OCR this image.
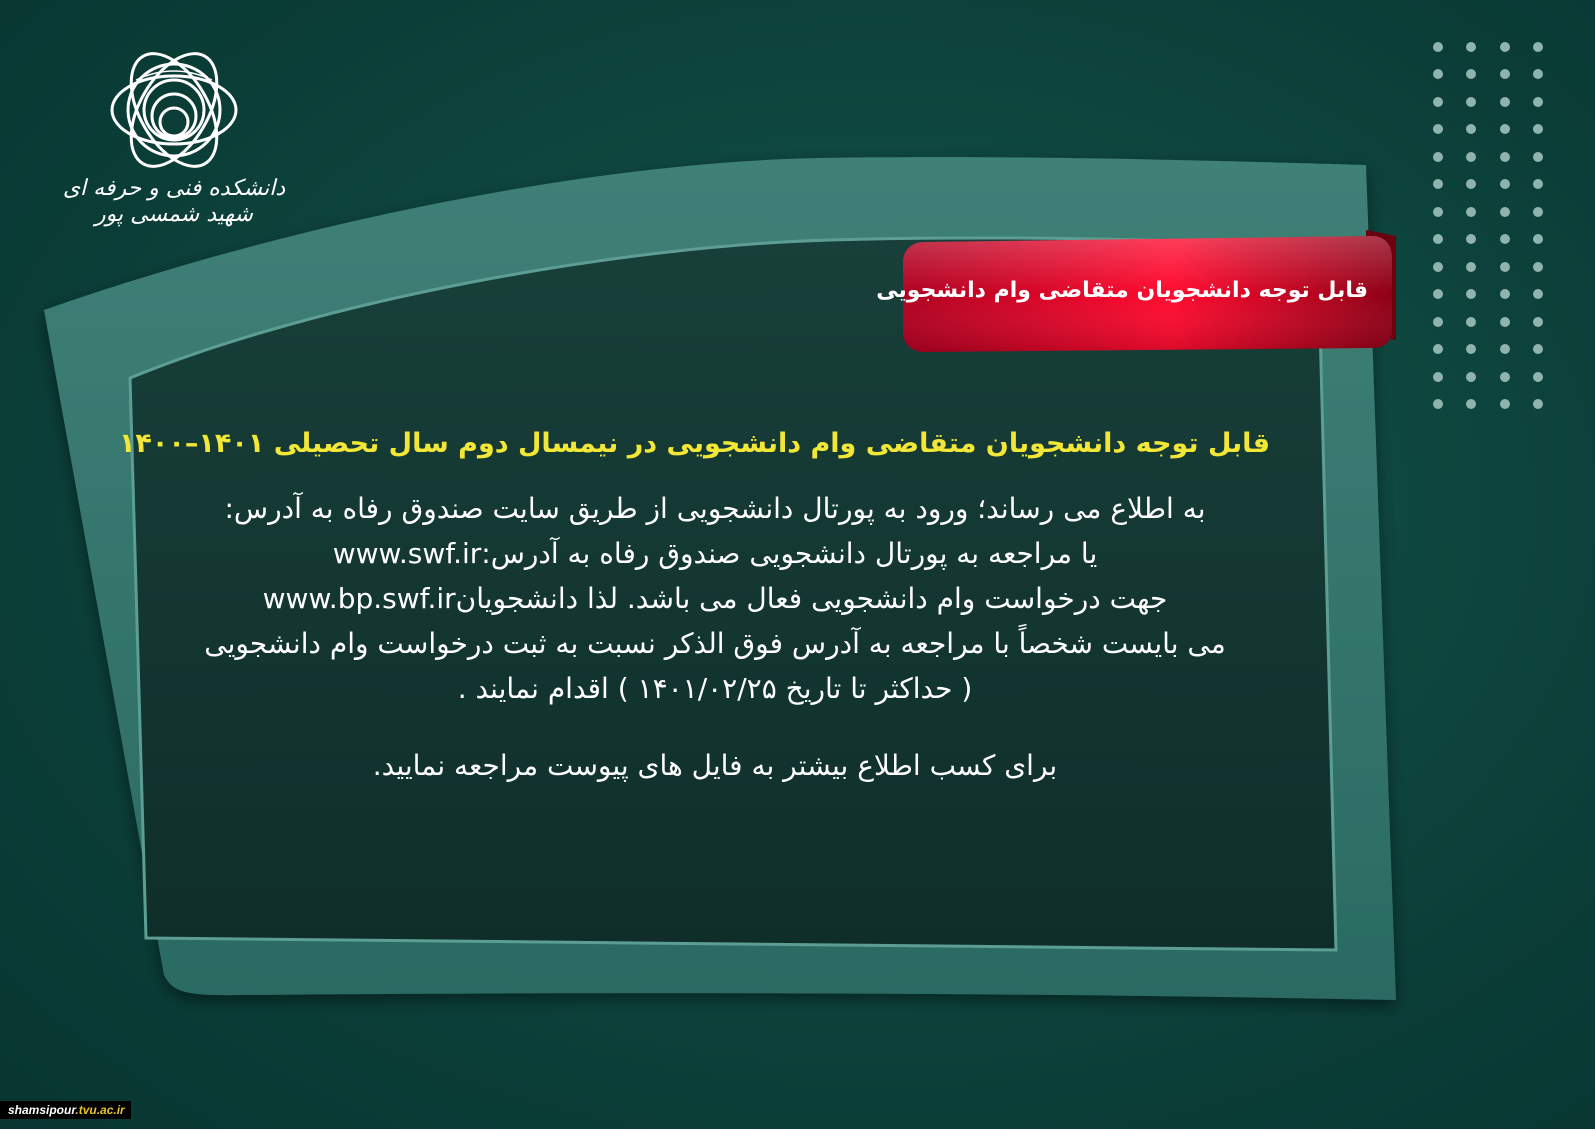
دانشکده فنی و حرفه ای شهید شمسی پور
قابل توجه دانشجویان متقاضی وام دانشجویی
قابل توجه دانشجویان متقاضی وام دانشجویی در نیمسال دوم سال تحصیلی ۱۴۰۱–۱۴۰۰
به اطلاع می رساند؛ ورود به پورتال دانشجویی از طریق سایت صندوق رفاه به آدرس:
یا مراجعه به پورتال دانشجویی صندوق رفاه به آدرس:www.swf.ir
جهت درخواست وام دانشجویی فعال می باشد. لذا دانشجویانwww.bp.swf.ir
می بایست شخصاً با مراجعه به آدرس فوق الذکر نسبت به ثبت درخواست وام دانشجویی
( حداکثر تا تاریخ ۱۴۰۱/۰۲/۲۵ ) اقدام نمایند .
برای کسب اطلاع بیشتر به فایل های پیوست مراجعه نمایید.
shamsipour.tvu.ac.ir
